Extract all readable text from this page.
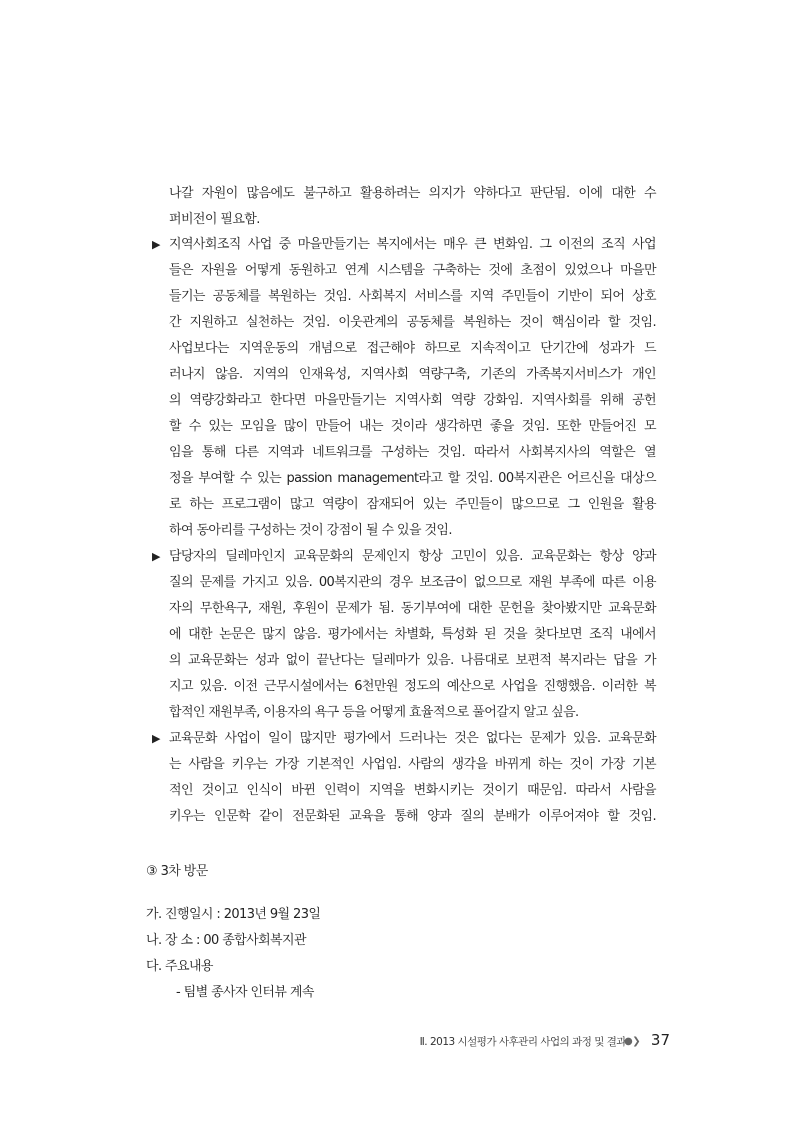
나갈 자원이 많음에도 불구하고 활용하려는 의지가 약하다고 판단됨. 이에 대한 수
퍼비전이 필요함.
▶ 지역사회조직 사업 중 마을만들기는 복지에서는 매우 큰 변화임. 그 이전의 조직 사업
들은 자원을 어떻게 동원하고 연계 시스템을 구축하는 것에 초점이 있었으나 마을만
들기는 공동체를 복원하는 것임. 사회복지 서비스를 지역 주민들이 기반이 되어 상호
간 지원하고 실천하는 것임. 이웃관계의 공동체를 복원하는 것이 핵심이라 할 것임.
사업보다는 지역운동의 개념으로 접근해야 하므로 지속적이고 단기간에 성과가 드
러나지 않음. 지역의 인재육성, 지역사회 역량구축, 기존의 가족복지서비스가 개인
의 역량강화라고 한다면 마을만들기는 지역사회 역량 강화임. 지역사회를 위해 공헌
할 수 있는 모임을 많이 만들어 내는 것이라 생각하면 좋을 것임. 또한 만들어진 모
임을 통해 다른 지역과 네트워크를 구성하는 것임. 따라서 사회복지사의 역할은 열
정을 부여할 수 있는 passion management라고 할 것임. 00복지관은 어르신을 대상으
로 하는 프로그램이 많고 역량이 잠재되어 있는 주민들이 많으므로 그 인원을 활용
하여 동아리를 구성하는 것이 강점이 될 수 있을 것임.
▶ 담당자의 딜레마인지 교육문화의 문제인지 항상 고민이 있음. 교육문화는 항상 양과
질의 문제를 가지고 있음. 00복지관의 경우 보조금이 없으므로 재원 부족에 따른 이용
자의 무한욕구, 재원, 후원이 문제가 됨. 동기부여에 대한 문헌을 찾아봤지만 교육문화
에 대한 논문은 많지 않음. 평가에서는 차별화, 특성화 된 것을 찾다보면 조직 내에서
의 교육문화는 성과 없이 끝난다는 딜레마가 있음. 나름대로 보편적 복지라는 답을 가
지고 있음. 이전 근무시설에서는 6천만원 정도의 예산으로 사업을 진행했음. 이러한 복
합적인 재원부족, 이용자의 욕구 등을 어떻게 효율적으로 풀어갈지 알고 싶음.
▶ 교육문화 사업이 일이 많지만 평가에서 드러나는 것은 없다는 문제가 있음. 교육문화
는 사람을 키우는 가장 기본적인 사업임. 사람의 생각을 바뀌게 하는 것이 가장 기본
적인 것이고 인식이 바뀐 인력이 지역을 변화시키는 것이기 때문임. 따라서 사람을
키우는 인문학 같이 전문화된 교육을 통해 양과 질의 분배가 이루어져야 할 것임.
③ 3차 방문
가. 진행일시 : 2013년 9월 23일
나. 장 소 : 00 종합사회복지관
다. 주요내용
- 팀별 종사자 인터뷰 계속
Ⅱ. 2013 시설평가 사후관리 사업의 과정 및 결과
●❯ 37
